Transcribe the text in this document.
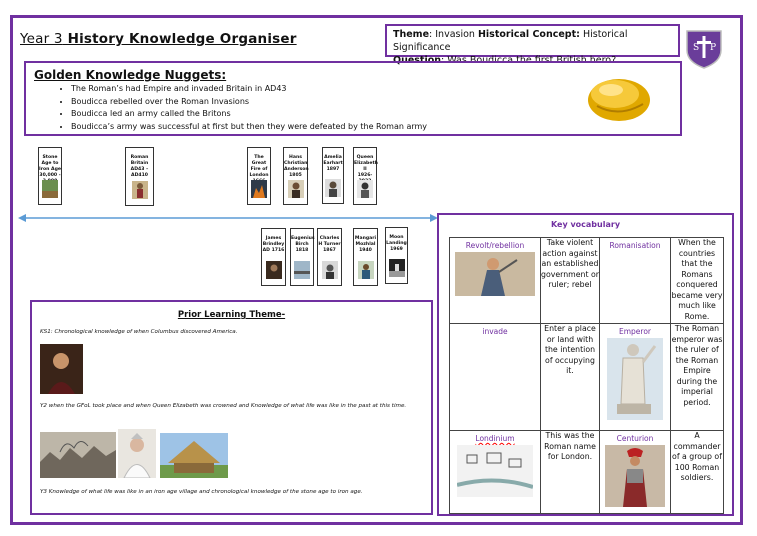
Year 3 History Knowledge Organiser	Theme: Invasion Historical Concept: Historical Significance
Question: Was Boudicca the first British hero?
S P
Golden Knowledge Nuggets:
• The Roman’s had Empire and invaded Britain in AD43
• Boudicca rebelled over the Roman Invasions
• Boudicca led an army called the Britons
• Boudicca’s army was successful at first but then they were defeated by the Roman army
Stone
Age to
Iron Age
30,000 -
Roman
Britain
AD43 –
AD410
The
Great
Fire of
London
Hans
Christian
Anderson
1805
Amelia
Earhart
1897
Queen
Elizabeth
II
1926-
James
Brindley
AD 1716
Eugenius
Birch
1818
Charles
H Turner
1867
Mangari
Mozhlal
1940
Moon
Landing
1969
Prior Learning Theme-

KS1: Chronological knowledge of when Columbus discovered America.

Y2 when the GFoL took place and when Queen Elizabeth was crowned and Knowledge of what life was like in the past at this time.

Y3 Knowledge of what life was like in an iron age village and chronological knowledge of the stone age to iron age.

Key vocabulary
Revolt/rebellion	Take violent action against an established government or ruler; rebel	Romanisation	When the countries that the Romans conquered became very much like Rome.

invade	Enter a place or land with the intention of occupying it.	Emperor	The Roman emperor was the ruler of the Roman Empire during the imperial period.

Londinium	This was the Roman name for London.	Centurion	A commander of a group of 100 Roman soldiers.
